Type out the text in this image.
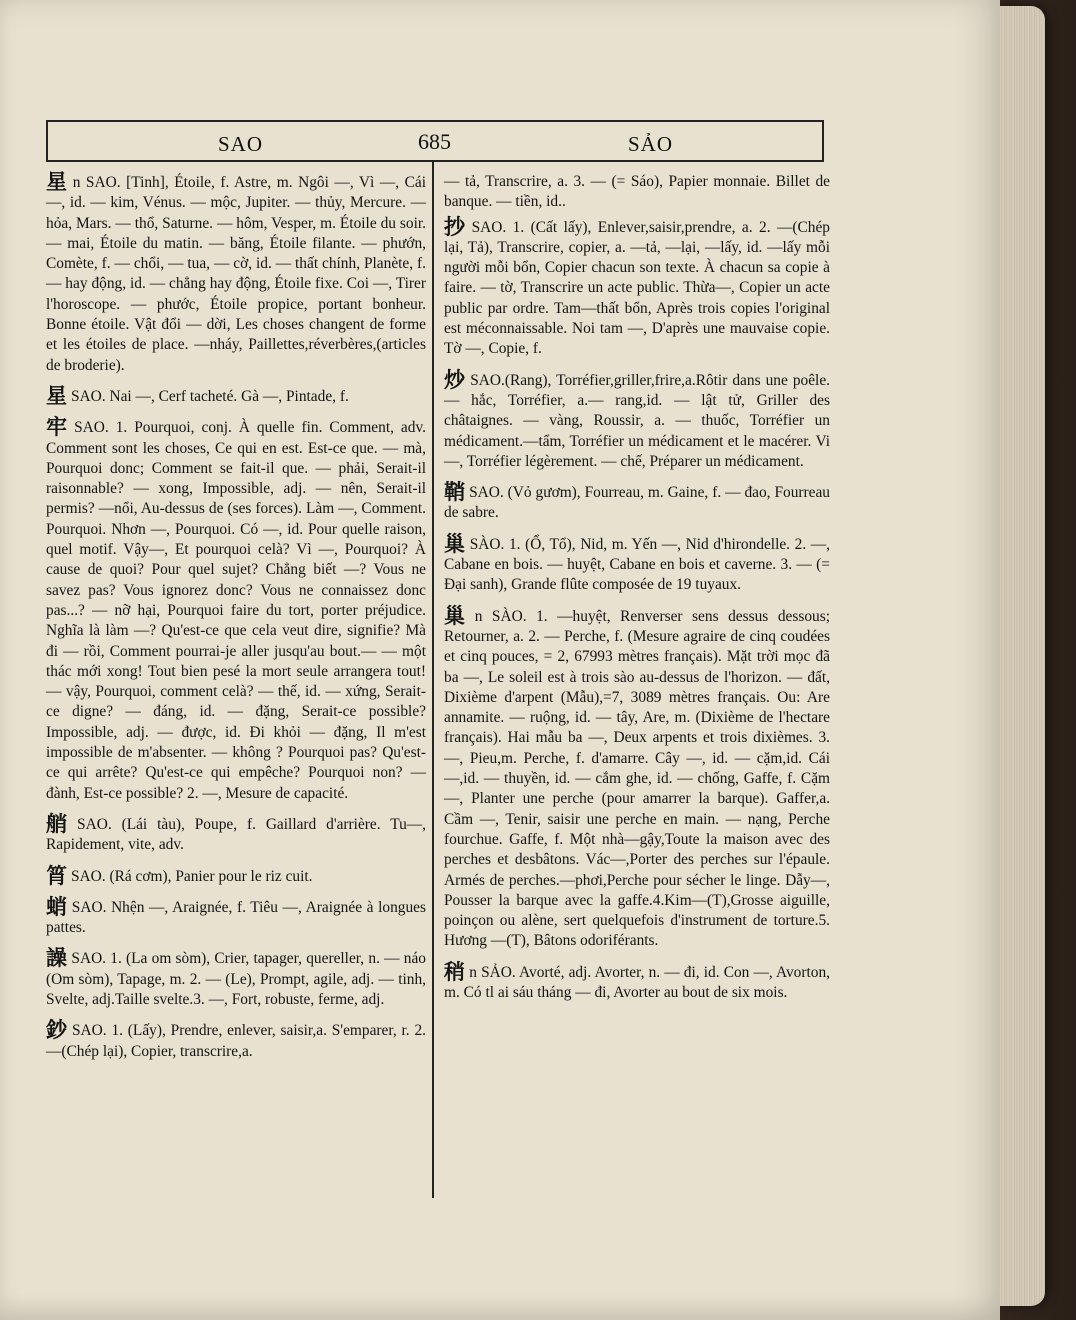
SAO	685	SẢO
星 n SAO. [Tinh], Étoile, f. Astre, m. Ngôi —, Vì —, Cái —, id. — kim, Vénus. — mộc, Jupiter. — thủy, Mercure. — hỏa, Mars. — thổ, Saturne. — hôm, Vesper, m. Étoile du soir. — mai, Étoile du matin. — băng, Étoile filante. — phướn, Comète, f. — chổi, — tua, — cờ, id. — thất chính, Planète, f. — hay động, id. — chẳng hay động, Étoile fixe. Coi —, Tirer l'horoscope. — phước, Étoile propice, portant bonheur. Bonne étoile. Vật đổi — dời, Les choses changent de forme et les étoiles de place. —nháy, Paillettes,réverbères,(articles de broderie).
星 SAO. Nai —, Cerf tacheté. Gà —, Pintade, f.
牢 SAO. 1. Pourquoi, conj. À quelle fin. Comment, adv. Comment sont les choses, Ce qui en est. Est-ce que. — mà, Pourquoi donc; Comment se fait-il que. — phải, Serait-il raisonnable? — xong, Impossible, adj. — nên, Serait-il permis? —nổi, Au-dessus de (ses forces). Làm —, Comment. Pourquoi. Nhơn —, Pourquoi. Có —, id. Pour quelle raison, quel motif. Vậy—, Et pourquoi celà? Vì —, Pourquoi? À cause de quoi? Pour quel sujet? Chẳng biết —? Vous ne savez pas? Vous ignorez donc? Vous ne connaissez donc pas...? — nỡ hại, Pourquoi faire du tort, porter préjudice. Nghĩa là làm —? Qu'est-ce que cela veut dire, signifie? Mà đi — rồi, Comment pourrai-je aller jusqu'au bout.— — một thác mới xong! Tout bien pesé la mort seule arrangera tout! — vậy, Pourquoi, comment celà? — thế, id. — xứng, Serait-ce digne? — đáng, id. — đặng, Serait-ce possible? Impossible, adj. — được, id. Đi khỏi — đặng, Il m'est impossible de m'absenter. — không ? Pourquoi pas? Qu'est-ce qui arrête? Qu'est-ce qui empêche? Pourquoi non? — đành, Est-ce possible? 2. —, Mesure de capacité.
艄 SAO. (Lái tàu), Poupe, f. Gaillard d'arrière. Tu—, Rapidement, vite, adv.
筲 SAO. (Rá cơm), Panier pour le riz cuit.
蛸 SAO. Nhện —, Araignée, f. Tiêu —, Araignée à longues pattes.
譟 SAO. 1. (La om sòm), Crier, tapager, quereller, n. — náo (Om sòm), Tapage, m. 2. — (Le), Prompt, agile, adj. — tinh, Svelte, adj.Taille svelte.3. —, Fort, robuste, ferme, adj.
鈔 SAO. 1. (Lấy), Prendre, enlever, saisir,a. S'emparer, r. 2. —(Chép lại), Copier, transcrire,a.
— tả, Transcrire, a. 3. — (= Sáo), Papier monnaie. Billet de banque. — tiền, id..
抄 SAO. 1. (Cất lấy), Enlever,saisir,prendre, a. 2. —(Chép lại, Tả), Transcrire, copier, a. —tả, —lại, —lấy, id. —lấy mỗi người mỗi bổn, Copier chacun son texte. À chacun sa copie à faire. — tờ, Transcrire un acte public. Thừa—, Copier un acte public par ordre. Tam—thất bổn, Après trois copies l'original est méconnaissable. Noi tam —, D'après une mauvaise copie. Tờ —, Copie, f.
炒 SAO.(Rang), Torréfier,griller,frire,a.Rôtir dans une poêle. — hắc, Torréfier, a.— rang,id. — lật tử, Griller des châtaignes. — vàng, Roussir, a. — thuốc, Torréfier un médicament.—tẩm, Torréfier un médicament et le macérer. Vi —, Torréfier légèrement. — chế, Préparer un médicament.
鞘 SAO. (Vỏ gươm), Fourreau, m. Gaine, f. — đao, Fourreau de sabre.
巢 SÀO. 1. (Ổ, Tổ), Nid, m. Yến —, Nid d'hirondelle. 2. —, Cabane en bois. — huyệt, Cabane en bois et caverne. 3. — (= Đại sanh), Grande flûte composée de 19 tuyaux.
巢 n SÀO. 1. —huyệt, Renverser sens dessus dessous; Retourner, a. 2. — Perche, f. (Mesure agraire de cinq coudées et cinq pouces, = 2, 67993 mètres français). Mặt trời mọc đã ba —, Le soleil est à trois sào au-dessus de l'horizon. — đất, Dixième d'arpent (Mẫu),=7, 3089 mètres français. Ou: Are annamite. — ruộng, id. — tây, Are, m. (Dixième de l'hectare français). Hai mẫu ba —, Deux arpents et trois dixièmes. 3. —, Pieu,m. Perche, f. d'amarre. Cây —, id. — cặm,id. Cái —,id. — thuyền, id. — cắm ghe, id. — chống, Gaffe, f. Cặm —, Planter une perche (pour amarrer la barque). Gaffer,a. Cầm —, Tenir, saisir une perche en main. — nạng, Perche fourchue. Gaffe, f. Một nhà—gậy,Toute la maison avec des perches et desbâtons. Vác—,Porter des perches sur l'épaule. Armés de perches.—phơi,Perche pour sécher le linge. Dẫy—, Pousser la barque avec la gaffe.4.Kim—(T),Grosse aiguille, poinçon ou alène, sert quelquefois d'instrument de torture.5. Hương —(T), Bâtons odoriférants.
稍 n SẢO. Avorté, adj. Avorter, n. — đi, id. Con —, Avorton, m. Có tl ai sáu tháng — đi, Avorter au bout de six mois.
